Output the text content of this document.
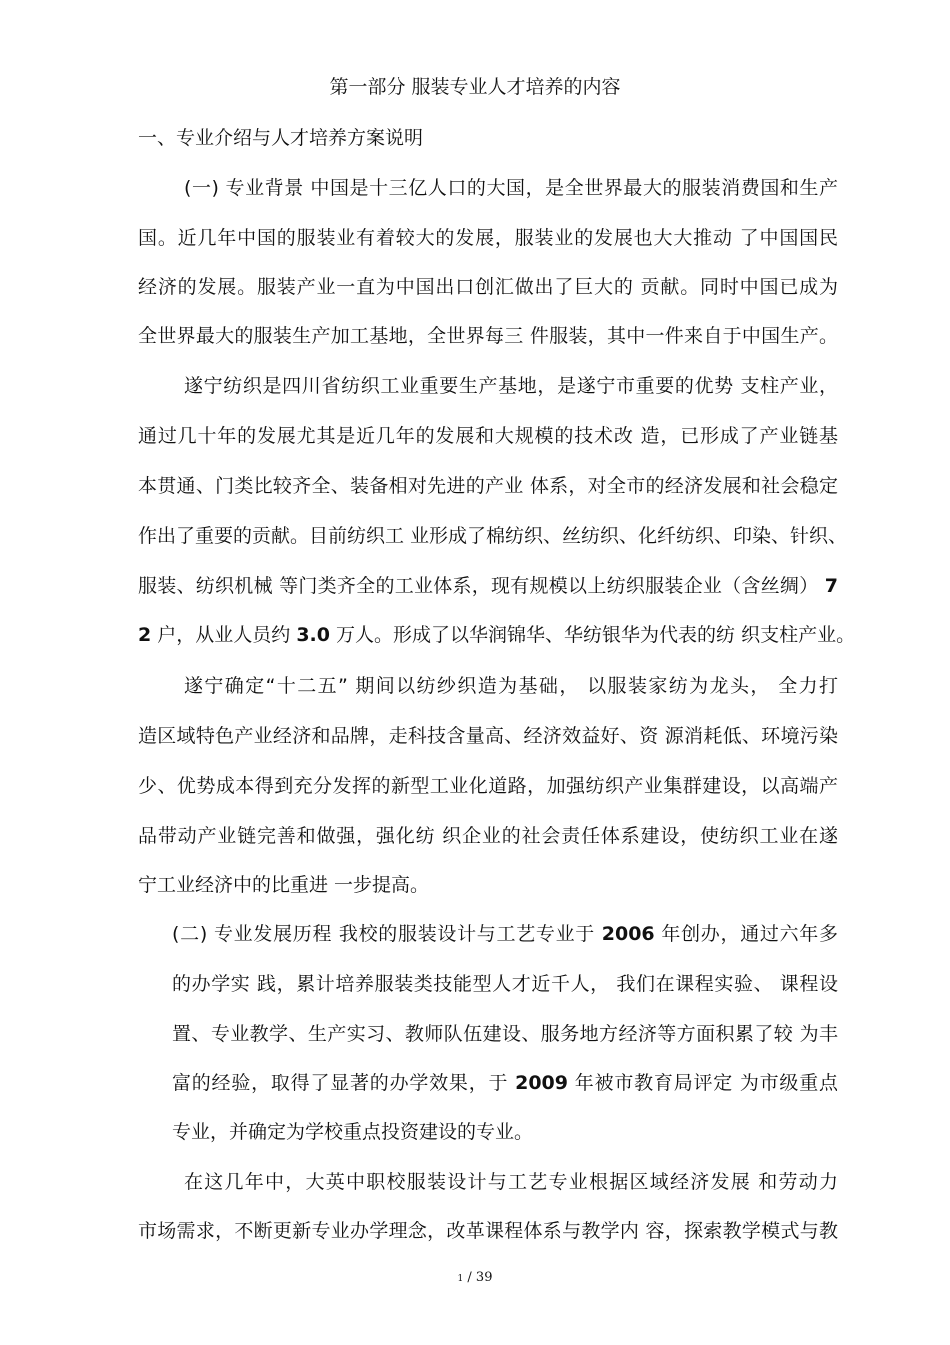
第一部分 服装专业人才培养的内容
一、专业介绍与人才培养方案说明
(一) 专业背景 中国是十三亿人口的大国，是全世界最大的服装消费国和生产
国。近几年中国的服装业有着较大的发展，服装业的发展也大大推动 了中国国民
经济的发展。服装产业一直为中国出口创汇做出了巨大的 贡献。同时中国已成为
全世界最大的服装生产加工基地，全世界每三 件服装，其中一件来自于中国生产。
遂宁纺织是四川省纺织工业重要生产基地，是遂宁市重要的优势 支柱产业，
通过几十年的发展尤其是近几年的发展和大规模的技术改 造，已形成了产业链基
本贯通、门类比较齐全、装备相对先进的产业 体系，对全市的经济发展和社会稳定
作出了重要的贡献。目前纺织工 业形成了棉纺织、丝纺织、化纤纺织、印染、针织、
服装、纺织机械 等门类齐全的工业体系，现有规模以上纺织服装企业（含丝绸） 7
2 户，从业人员约 3.0 万人。形成了以华润锦华、华纺银华为代表的纺 织支柱产业。
遂宁确定“十二五” 期间以纺纱织造为基础， 以服装家纺为龙头， 全力打
造区域特色产业经济和品牌，走科技含量高、经济效益好、资 源消耗低、环境污染
少、优势成本得到充分发挥的新型工业化道路，加强纺织产业集群建设，以高端产
品带动产业链完善和做强，强化纺 织企业的社会责任体系建设，使纺织工业在遂
宁工业经济中的比重进 一步提高。
(二) 专业发展历程 我校的服装设计与工艺专业于 2006 年创办，通过六年多
的办学实 践，累计培养服装类技能型人才近千人， 我们在课程实验、 课程设
置、专业教学、生产实习、教师队伍建设、服务地方经济等方面积累了较 为丰
富的经验，取得了显著的办学效果，于 2009 年被市教育局评定 为市级重点
专业，并确定为学校重点投资建设的专业。
在这几年中，大英中职校服装设计与工艺专业根据区域经济发展 和劳动力
市场需求，不断更新专业办学理念，改革课程体系与教学内 容，探索教学模式与教
1 / 39
